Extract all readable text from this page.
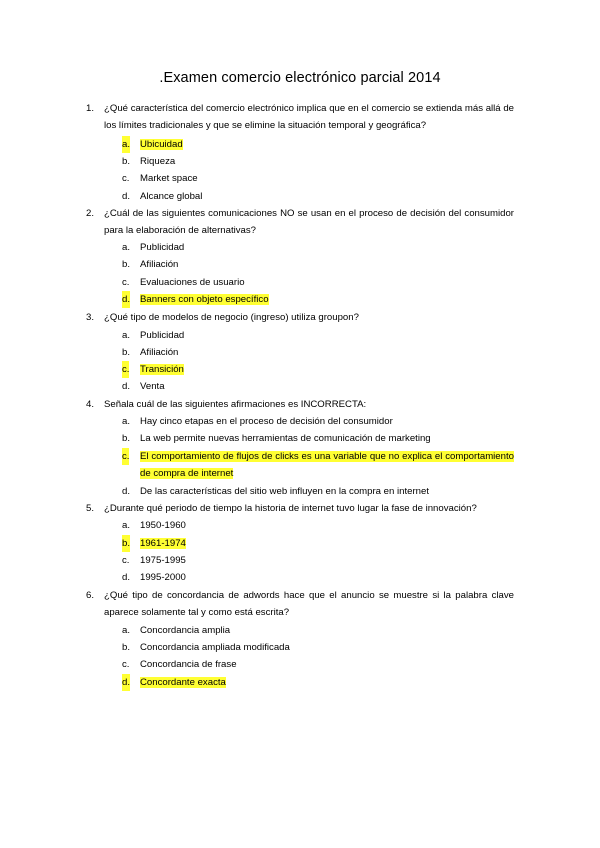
.Examen comercio electrónico parcial 2014
1. ¿Qué característica del comercio electrónico implica que en el comercio se extienda más allá de los límites tradicionales y que se elimine la situación temporal y geográfica?
a. Ubicuidad
b. Riqueza
c. Market space
d. Alcance global
2. ¿Cuál de las siguientes comunicaciones NO se usan en el proceso de decisión del consumidor para la elaboración de alternativas?
a. Publicidad
b. Afiliación
c. Evaluaciones de usuario
d. Banners con objeto específico
3. ¿Qué tipo de modelos de negocio (ingreso) utiliza groupon?
a. Publicidad
b. Afiliación
c. Transición
d. Venta
4. Señala cuál de las siguientes afirmaciones es INCORRECTA:
a. Hay cinco etapas en el proceso de decisión del consumidor
b. La web permite nuevas herramientas de comunicación de marketing
c. El comportamiento de flujos de clicks es una variable que no explica el comportamiento de compra de internet
d. De las características del sitio web influyen en la compra en internet
5. ¿Durante qué periodo de tiempo la historia de internet tuvo lugar la fase de innovación?
a. 1950-1960
b. 1961-1974
c. 1975-1995
d. 1995-2000
6. ¿Qué tipo de concordancia de adwords hace que el anuncio se muestre si la palabra clave aparece solamente tal y como está escrita?
a. Concordancia amplia
b. Concordancia ampliada modificada
c. Concordancia de frase
d. Concordante exacta
